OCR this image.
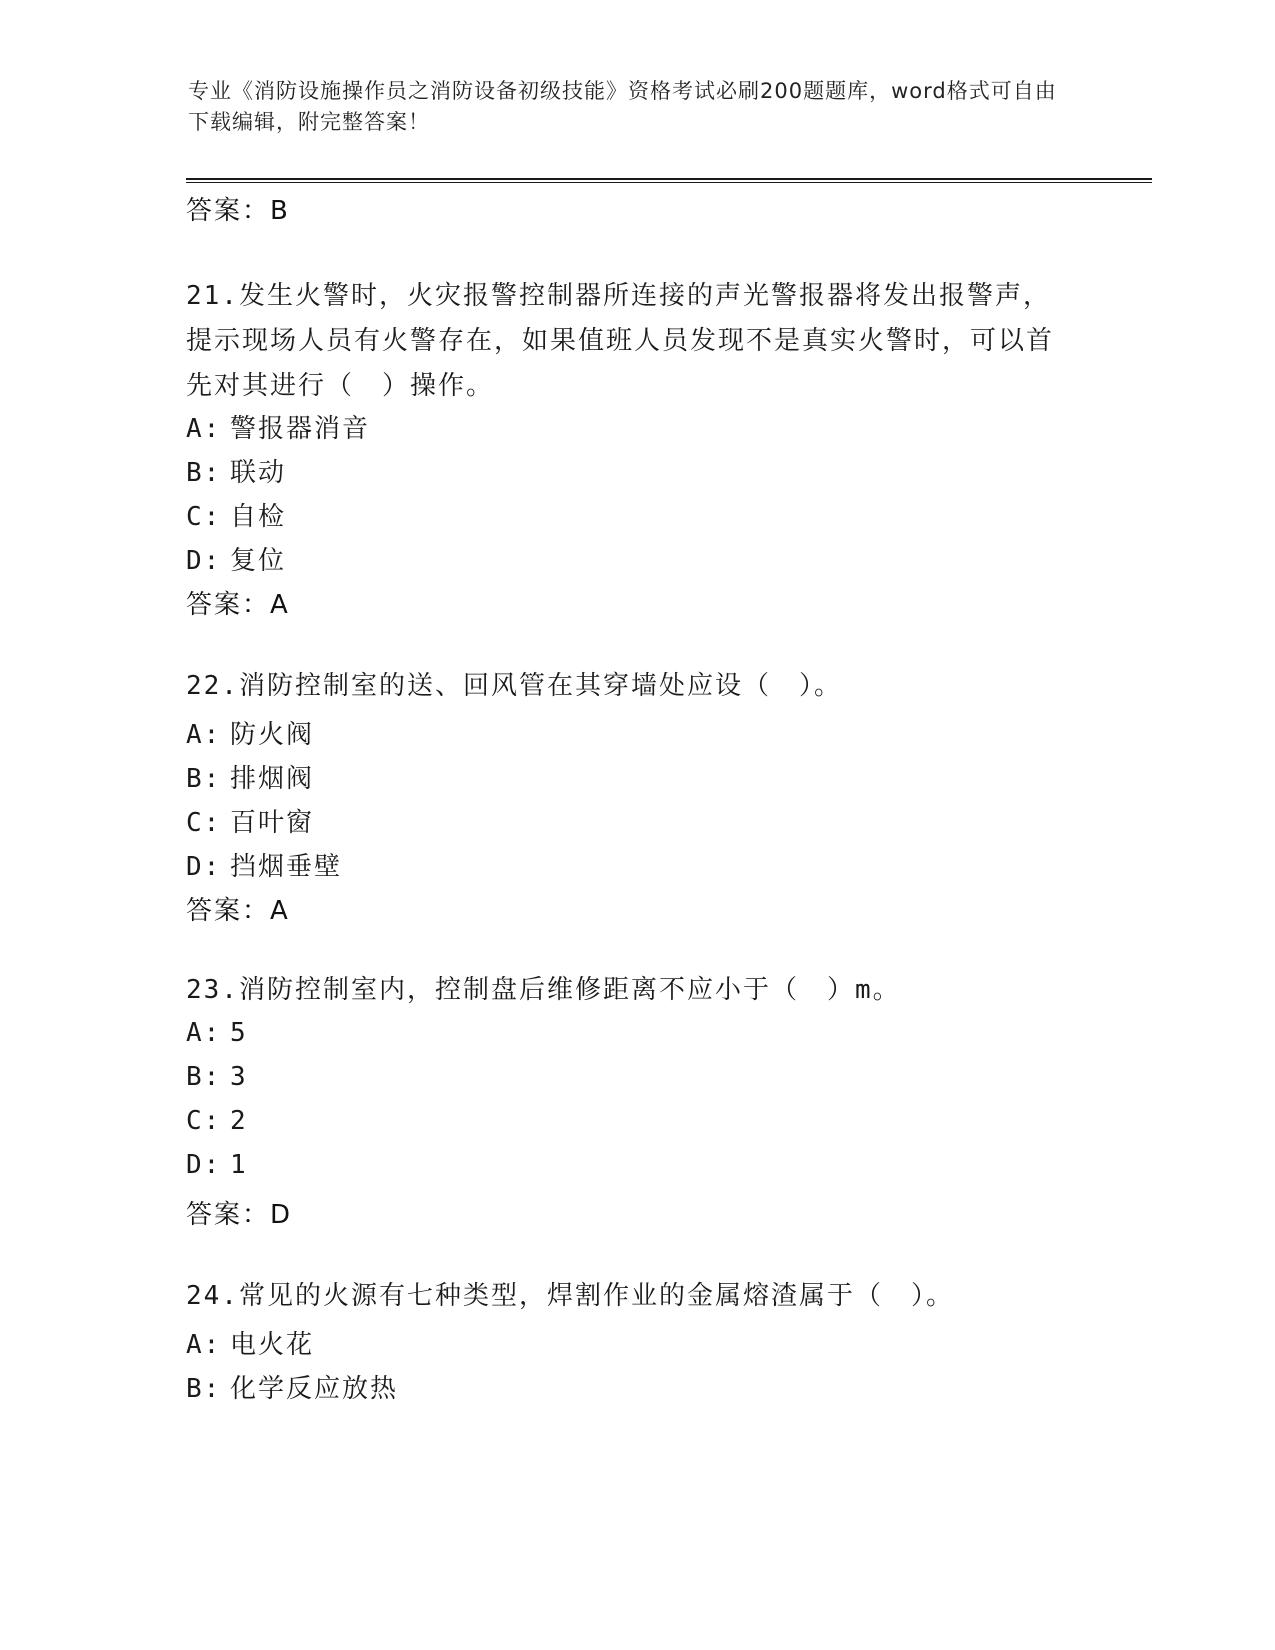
专业《消防设施操作员之消防设备初级技能》资格考试必刷200题题库，word格式可自由下载编辑，附完整答案！
答案：B
21.发生火警时，火灾报警控制器所连接的声光警报器将发出报警声，提示现场人员有火警存在，如果值班人员发现不是真实火警时，可以首先对其进行（　）操作。
A: 警报器消音
B: 联动
C: 自检
D: 复位
答案：A
22.消防控制室的送、回风管在其穿墙处应设（　）。
A: 防火阀
B: 排烟阀
C: 百叶窗
D: 挡烟垂壁
答案：A
23.消防控制室内，控制盘后维修距离不应小于（　）m。
A: 5
B: 3
C: 2
D: 1
答案：D
24.常见的火源有七种类型，焊割作业的金属熔渣属于（　）。
A: 电火花
B: 化学反应放热
